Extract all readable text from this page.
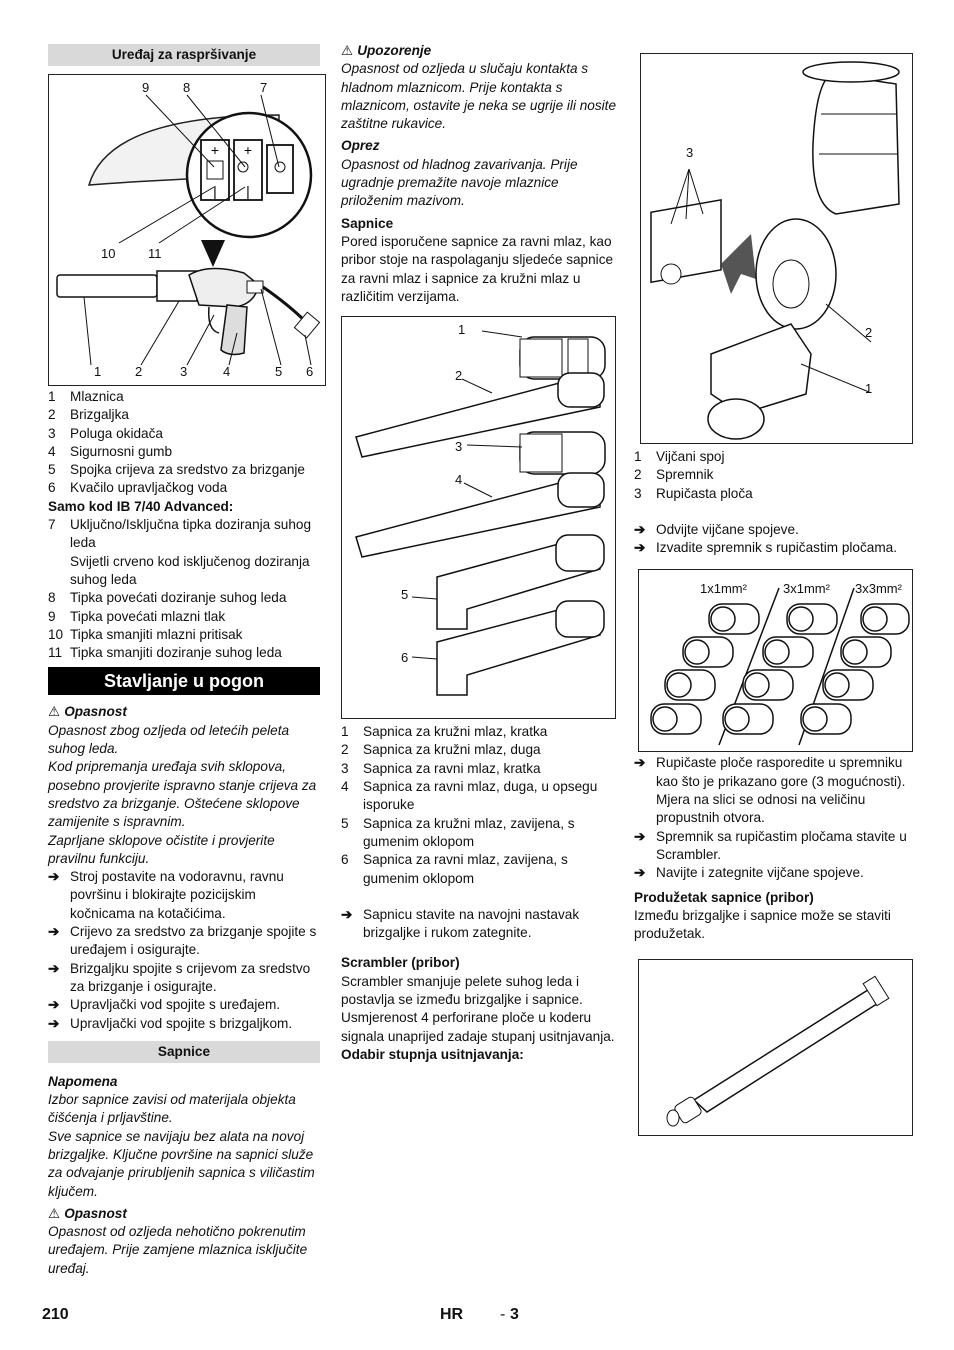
Uređaj za raspršivanje
+
|
+
|
9	8	7
10	11
1	2	3	4	5 6
1 Mlaznica
2 Brizgaljka
3 Poluga okidača
4 Sigurnosni gumb
5 Spojka crijeva za sredstvo za brizganje
6 Kvačilo upravljačkog voda
Samo kod IB 7/40 Advanced:
7 Uključno/Isključna tipka doziranja suhog leda
Svijetli crveno kod isključenog doziranja suhog leda
8 Tipka povećati doziranje suhog leda
9 Tipka povećati mlazni tlak
10 Tipka smanjiti mlazni pritisak
11 Tipka smanjiti doziranje suhog leda
Stavljanje u pogon
⚠ Opasnost
Opasnost zbog ozljeda od letećih peleta suhog leda.
Kod pripremanja uređaja svih sklopova, posebno provjerite ispravno stanje crijeva za sredstvo za brizganje. Oštećene sklopove zamijenite s ispravnim.
Zaprljane sklopove očistite i provjerite pravilnu funkciju.
➔ Stroj postavite na vodoravnu, ravnu površinu i blokirajte pozicijskim kočnicama na kotačićima.
➔ Crijevo za sredstvo za brizganje spojite s uređajem i osigurajte.
➔ Brizgaljku spojite s crijevom za sredstvo za brizganje i osigurajte.
➔ Upravljački vod spojite s uređajem.
➔ Upravljački vod spojite s brizgaljkom.
Sapnice
Napomena
Izbor sapnice zavisi od materijala objekta čišćenja i prljavštine.
Sve sapnice se navijaju bez alata na novoj brizgaljke. Ključne površine na sapnici služe za odvajanje prirubljenih sapnica s viličastim ključem.
⚠ Opasnost
Opasnost od ozljeda nehotično pokrenutim uređajem. Prije zamjene mlaznica isključite uređaj.
⚠ Upozorenje
Opasnost od ozljeda u slučaju kontakta s hladnom mlaznicom. Prije kontakta s mlaznicom, ostavite je neka se ugrije ili nosite zaštitne rukavice.
Oprez
Opasnost od hladnog zavarivanja. Prije ugradnje premažite navoje mlaznice priloženim mazivom.
Sapnice
Pored isporučene sapnice za ravni mlaz, kao pribor stoje na raspolaganju sljedeće sapnice za ravni mlaz i sapnice za kružni mlaz u različitim verzijama.
1
2
3
4
5
6
1 Sapnica za kružni mlaz, kratka
2 Sapnica za kružni mlaz, duga
3 Sapnica za ravni mlaz, kratka
4 Sapnica za ravni mlaz, duga, u opsegu isporuke
5 Sapnica za kružni mlaz, zavijena, s gumenim oklopom
6 Sapnica za ravni mlaz, zavijena, s gumenim oklopom
➔ Sapnicu stavite na navojni nastavak brizgaljke i rukom zategnite.
Scrambler (pribor)
Scrambler smanjuje pelete suhog leda i postavlja se između brizgaljke i sapnice. Usmjerenost 4 perforirane ploče u koderu signala unaprijed zadaje stupanj usitnjavanja.
Odabir stupnja usitnjavanja:
3
2
1
1 Vijčani spoj
2 Spremnik
3 Rupičasta ploča
➔ Odvijte vijčane spojeve.
➔ Izvadite spremnik s rupičastim pločama.
1x1mm²	3x1mm² 3x3mm²
➔ Rupičaste ploče rasporedite u spremniku kao što je prikazano gore (3 mogućnosti). Mjera na slici se odnosi na veličinu propustnih otvora.
➔ Spremnik sa rupičastim pločama stavite u Scrambler.
➔ Navijte i zategnite vijčane spojeve.
Produžetak sapnice (pribor)
Između brizgaljke i sapnice može se staviti produžetak.
210	HR - 3
